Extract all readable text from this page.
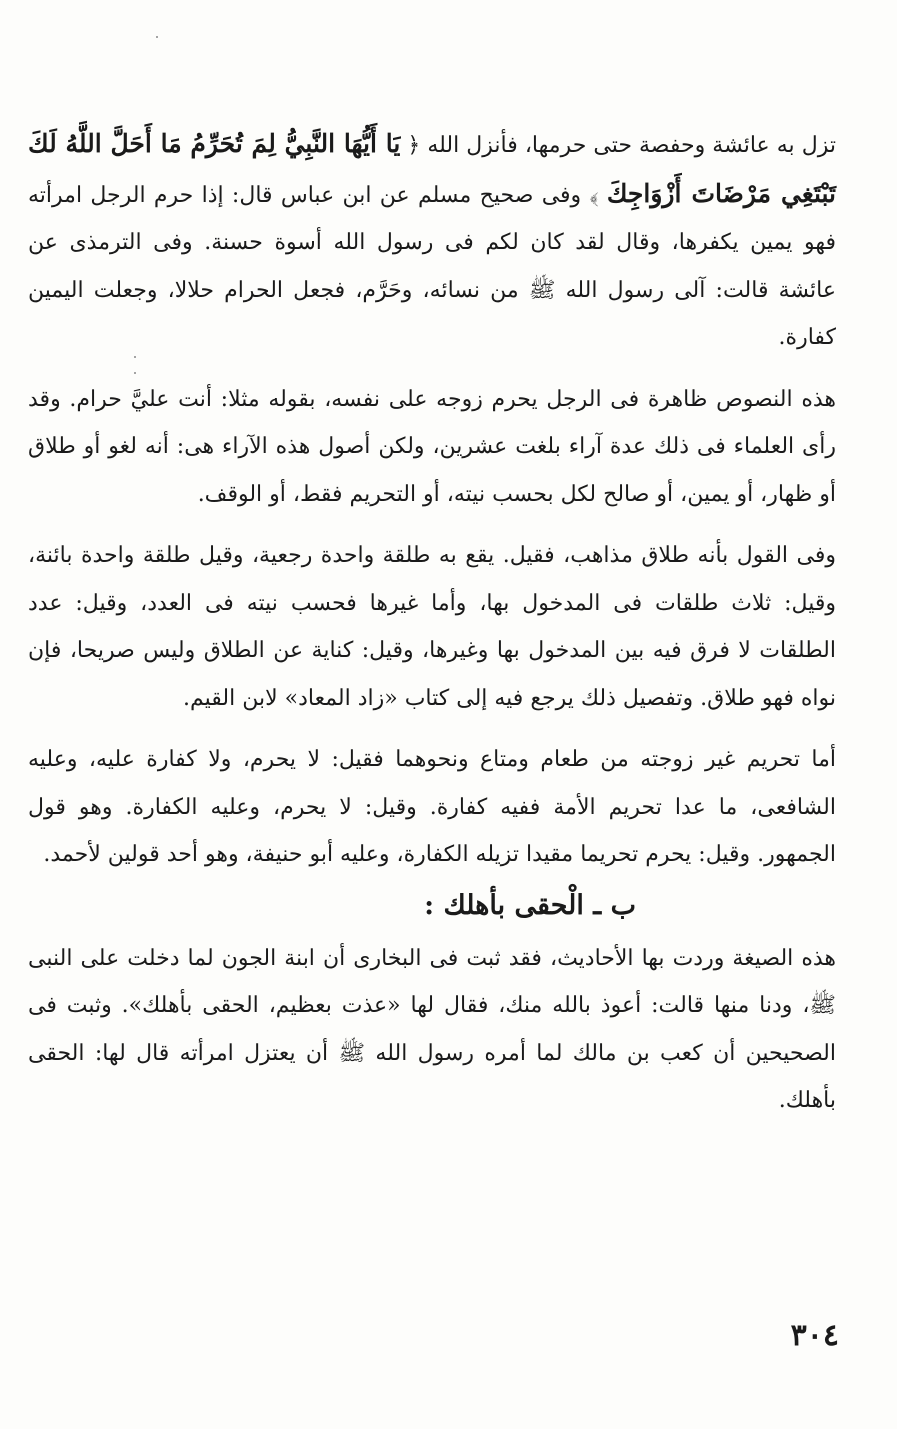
تزل به عائشة وحفصة حتى حرمها، فأنزل الله ﴿ يَا أَيُّهَا النَّبِيُّ لِمَ تُحَرِّمُ مَا أَحَلَّ اللَّهُ لَكَ تَبْتَغِي مَرْضَاتَ أَزْوَاجِكَ ﴾ وفى صحيح مسلم عن ابن عباس قال: إذا حرم الرجل امرأته فهو يمين يكفرها، وقال لقد كان لكم فى رسول الله أسوة حسنة. وفى الترمذى عن عائشة قالت: آلى رسول الله ﷺ من نسائه، وحَرَّم، فجعل الحرام حلالا، وجعلت اليمين كفارة.

هذه النصوص ظاهرة فى الرجل يحرم زوجه على نفسه، بقوله مثلا: أنت عليَّ حرام. وقد رأى العلماء فى ذلك عدة آراء بلغت عشرين، ولكن أصول هذه الآراء هى: أنه لغو أو طلاق أو ظهار، أو يمين، أو صالح لكل بحسب نيته، أو التحريم فقط، أو الوقف.

وفى القول بأنه طلاق مذاهب، فقيل. يقع به طلقة واحدة رجعية، وقيل طلقة واحدة بائنة، وقيل: ثلاث طلقات فى المدخول بها، وأما غيرها فحسب نيته فى العدد، وقيل: عدد الطلقات لا فرق فيه بين المدخول بها وغيرها، وقيل: كناية عن الطلاق وليس صريحا، فإن نواه فهو طلاق. وتفصيل ذلك يرجع فيه إلى كتاب «زاد المعاد» لابن القيم.

أما تحريم غير زوجته من طعام ومتاع ونحوهما فقيل: لا يحرم، ولا كفارة عليه، وعليه الشافعى، ما عدا تحريم الأمة ففيه كفارة. وقيل: لا يحرم، وعليه الكفارة. وهو قول الجمهور. وقيل: يحرم تحريما مقيدا تزيله الكفارة، وعليه أبو حنيفة، وهو أحد قولين لأحمد.

ب ـ الْحقى بأهلك :

هذه الصيغة وردت بها الأحاديث، فقد ثبت فى البخارى أن ابنة الجون لما دخلت على النبى ﷺ، ودنا منها قالت: أعوذ بالله منك، فقال لها «عذت بعظيم، الحقى بأهلك». وثبت فى الصحيحين أن كعب بن مالك لما أمره رسول الله ﷺ أن يعتزل امرأته قال لها: الحقى بأهلك.

٣٠٤
